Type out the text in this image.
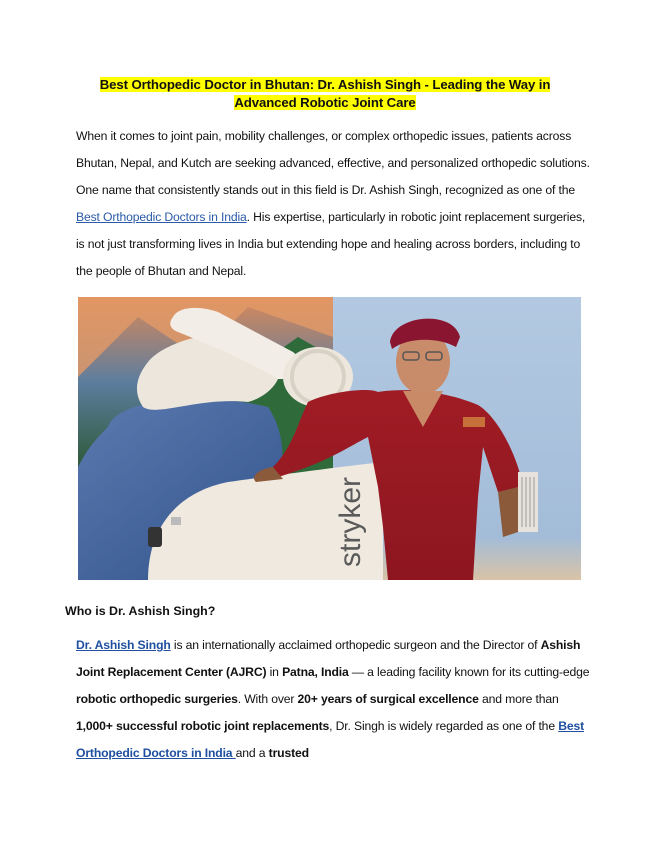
Best Orthopedic Doctor in Bhutan: Dr. Ashish Singh - Leading the Way in
Advanced Robotic Joint Care

When it comes to joint pain, mobility challenges, or complex orthopedic issues, patients across Bhutan, Nepal, and Kutch are seeking advanced, effective, and personalized orthopedic solutions. One name that consistently stands out in this field is Dr. Ashish Singh, recognized as one of the Best Orthopedic Doctors in India. His expertise, particularly in robotic joint replacement surgeries, is not just transforming lives in India but extending hope and healing across borders, including to the people of Bhutan and Nepal.

stryker
Who is Dr. Ashish Singh?

Dr. Ashish Singh is an internationally acclaimed orthopedic surgeon and the Director of Ashish Joint Replacement Center (AJRC) in Patna, India — a leading facility known for its cutting-edge robotic orthopedic surgeries. With over 20+ years of surgical excellence and more than 1,000+ successful robotic joint replacements, Dr. Singh is widely regarded as one of the Best Orthopedic Doctors in India and a trusted
